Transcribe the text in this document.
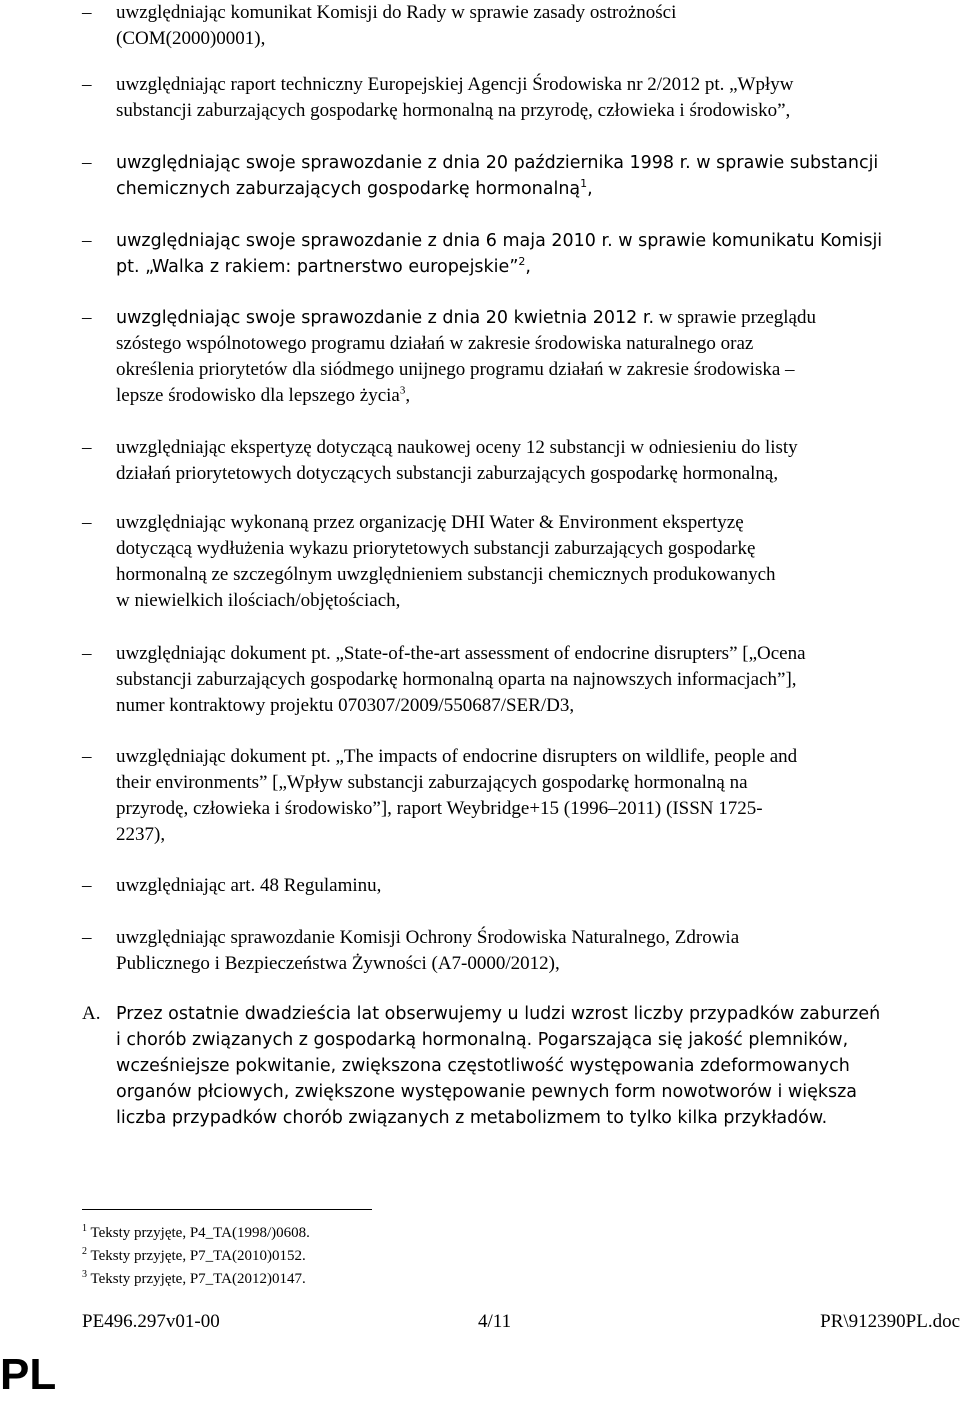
– uwzględniając komunikat Komisji do Rady w sprawie zasady ostrożności
(COM(2000)0001),
– uwzględniając raport techniczny Europejskiej Agencji Środowiska nr 2/2012 pt. „Wpływ
substancji zaburzających gospodarkę hormonalną na przyrodę, człowieka i środowisko”,
– uwzględniając swoje sprawozdanie z dnia 20 października 1998 r. w sprawie substancji
chemicznych zaburzających gospodarkę hormonalną$^1$,
– uwzględniając swoje sprawozdanie z dnia 6 maja 2010 r. w sprawie komunikatu Komisji
pt. „Walka z rakiem: partnerstwo europejskie”$^2$,
– uwzględniając swoje sprawozdanie z dnia 20 kwietnia 2012 r. w sprawie przeglądu
szóstego wspólnotowego programu działań w zakresie środowiska naturalnego oraz
określenia priorytetów dla siódmego unijnego programu działań w zakresie środowiska –
lepsze środowisko dla lepszego życia$^3$,
– uwzględniając ekspertyzę dotyczącą naukowej oceny 12 substancji w odniesieniu do listy
działań priorytetowych dotyczących substancji zaburzających gospodarkę hormonalną,
– uwzględniając wykonaną przez organizację DHI Water & Environment ekspertyzę
dotyczącą wydłużenia wykazu priorytetowych substancji zaburzających gospodarkę
hormonalną ze szczególnym uwzględnieniem substancji chemicznych produkowanych
w niewielkich ilościach/objętościach,
– uwzględniając dokument pt. „State-of-the-art assessment of endocrine disrupters” [„Ocena
substancji zaburzających gospodarkę hormonalną oparta na najnowszych informacjach”],
numer kontraktowy projektu 070307/2009/550687/SER/D3,
– uwzględniając dokument pt. „The impacts of endocrine disrupters on wildlife, people and
their environments” [„Wpływ substancji zaburzających gospodarkę hormonalną na
przyrodę, człowieka i środowisko”], raport Weybridge+15 (1996–2011) (ISSN 1725-
2237),
– uwzględniając art. 48 Regulaminu,
– uwzględniając sprawozdanie Komisji Ochrony Środowiska Naturalnego, Zdrowia
Publicznego i Bezpieczeństwa Żywności (A7-0000/2012),
A. Przez ostatnie dwadzieścia lat obserwujemy u ludzi wzrost liczby przypadków zaburzeń
i chorób związanych z gospodarką hormonalną. Pogarszająca się jakość plemników,
wcześniejsze pokwitanie, zwiększona częstotliwość występowania zdeformowanych
organów płciowych, zwiększone występowanie pewnych form nowotworów i większa
liczba przypadków chorób związanych z metabolizmem to tylko kilka przykładów.
$^1$ Teksty przyjęte, P4_TA(1998/)0608.
$^2$ Teksty przyjęte, P7_TA(2010)0152.
$^3$ Teksty przyjęte, P7_TA(2012)0147.
PE496.297v01-00	4/11	PR\912390PL.doc
PL
